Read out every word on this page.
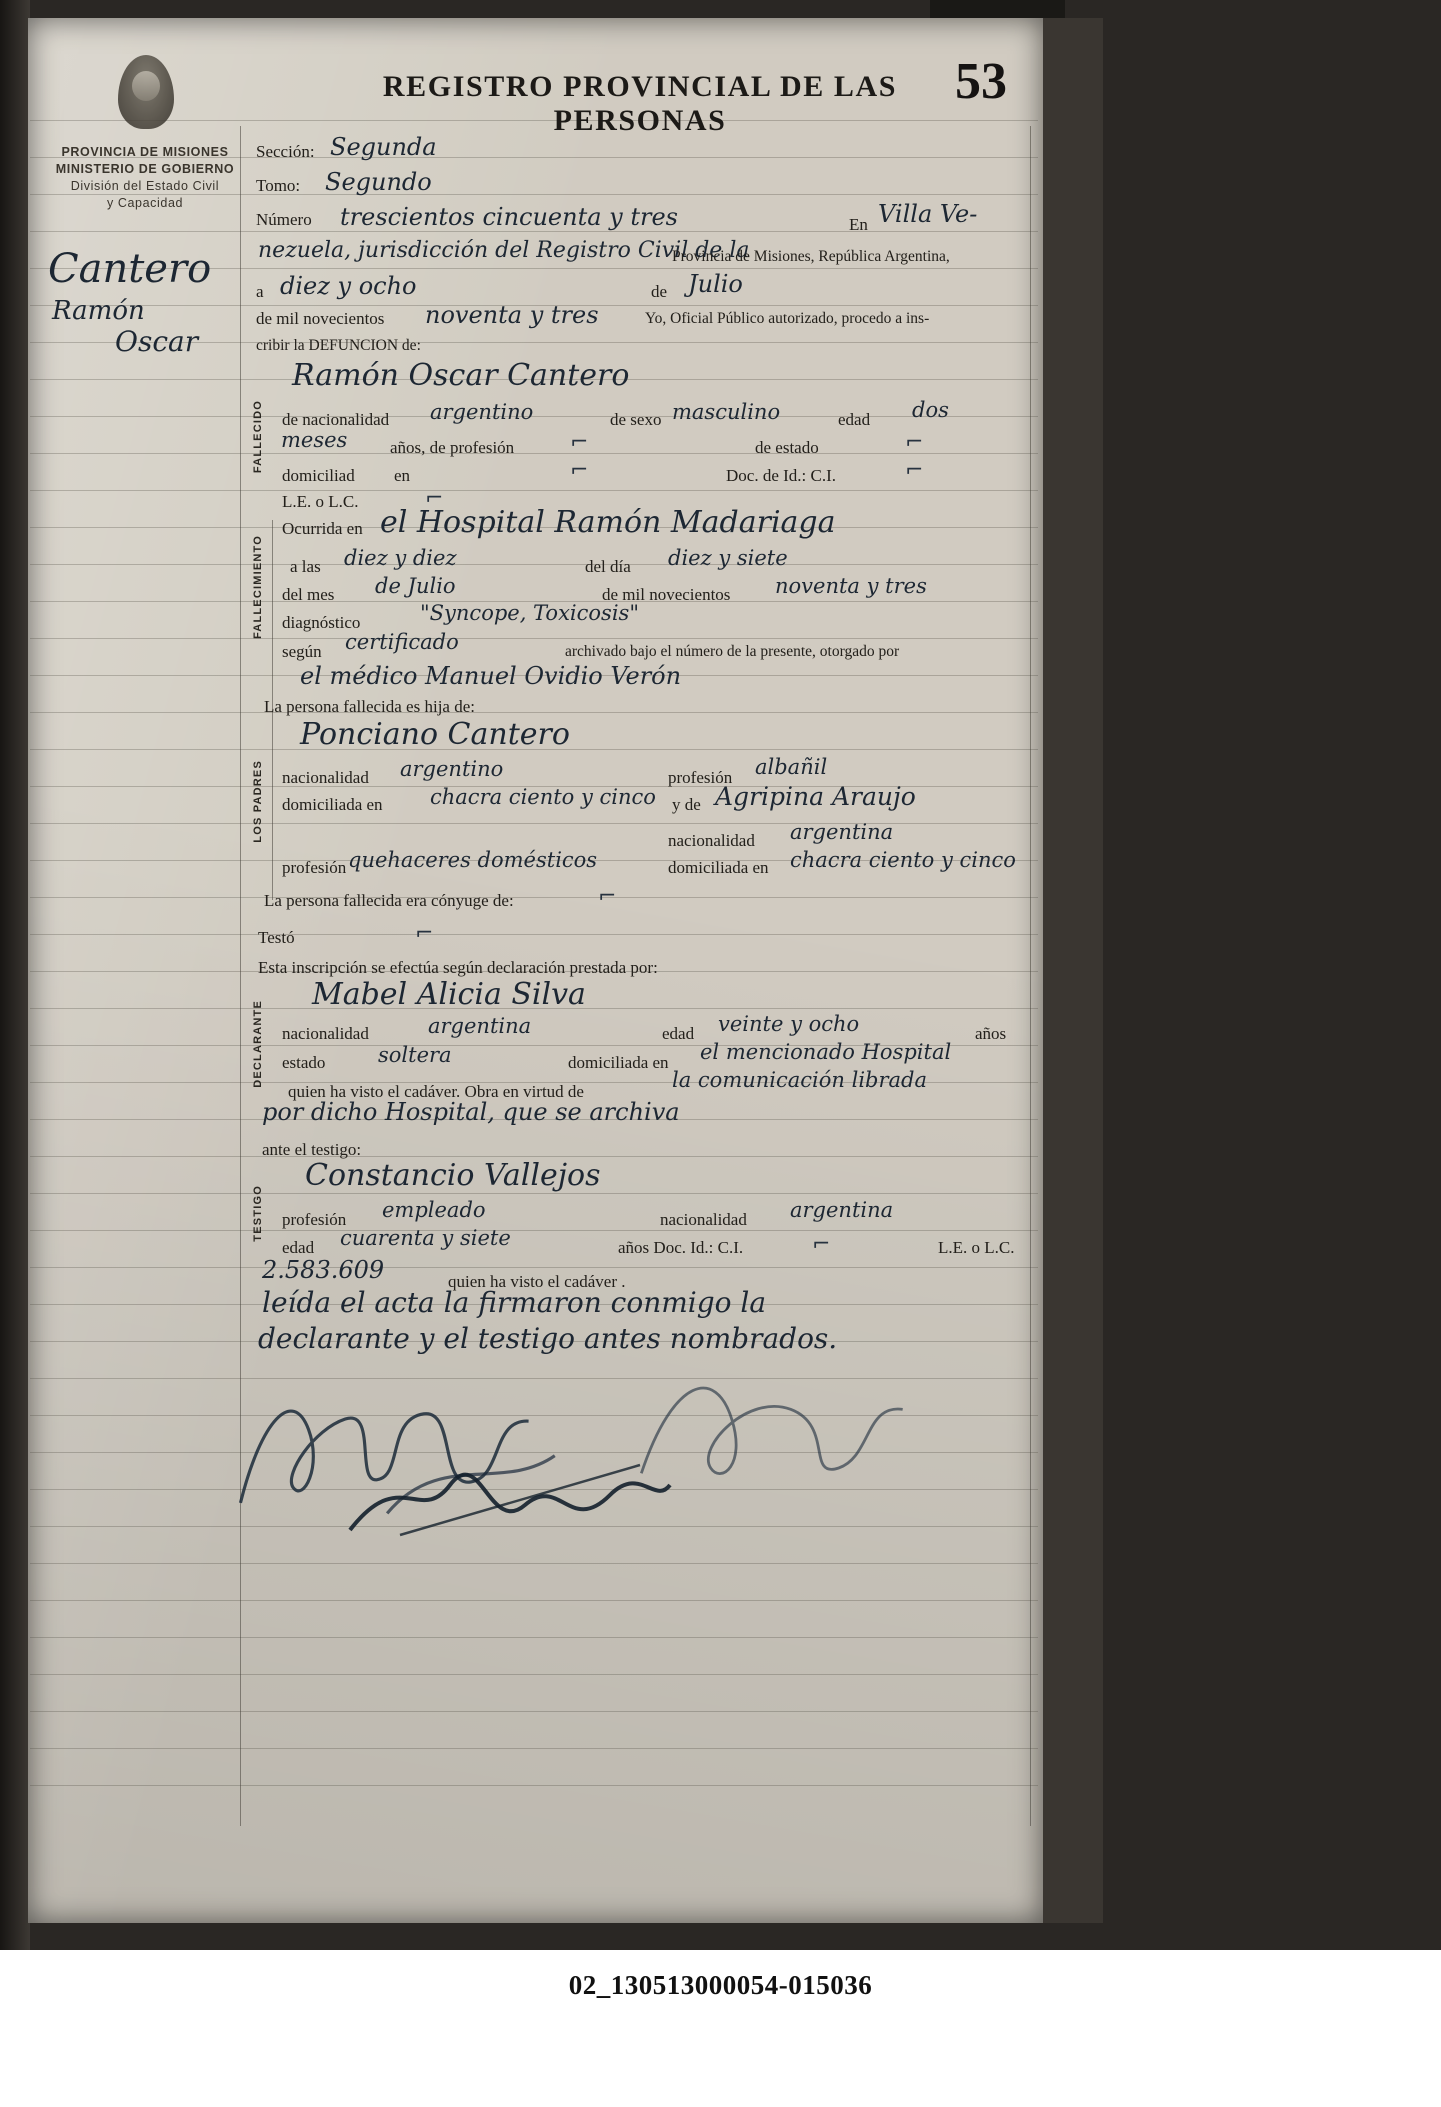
REGISTRO PROVINCIAL DE LAS PERSONAS
53
PROVINCIA DE MISIONES
MINISTERIO DE GOBIERNO
División del Estado Civil
y Capacidad
Cantero
Ramón
Oscar
FALLECIDO
FALLECIMIENTO
LOS PADRES
DECLARANTE
TESTIGO
Sección: Segunda
Tomo: Segundo
Número trescientos cincuenta y tres	En Villa Ve-
nezuela, jurisdicción del Registro Civil de la
Provincia de Misiones, República Argentina,
a diez y ocho	de Julio
de mil novecientos noventa y tres	Yo, Oficial Público autorizado, procedo a ins-
cribir la DEFUNCION de:
Ramón Oscar Cantero
de nacionalidad argentino	de sexo masculino	edad dos
meses	años, de profesión	⌐	de estado	⌐
domiciliad en	⌐	Doc. de Id.: C.I.	⌐
L.E. o L.C.	⌐
Ocurrida en el Hospital Ramón Madariaga
a las diez y diez	del día diez y siete
del mes de Julio	de mil novecientos noventa y tres
diagnóstico	"Syncope, Toxicosis"
según certificado	archivado bajo el número de la presente, otorgado por
el médico Manuel Ovidio Verón
La persona fallecida es hija de:
Ponciano Cantero
nacionalidad argentino	profesión albañil
domiciliada en chacra ciento y cinco y de Agripina Araujo
nacionalidad argentina
profesión quehaceres domésticos	domiciliada en chacra ciento y cinco
La persona fallecida era cónyuge de:	⌐
Testó	⌐
Esta inscripción se efectúa según declaración prestada por:
Mabel Alicia Silva
nacionalidad	argentina	edad veinte y ocho	años
estado	soltera	domiciliada en el mencionado Hospital
quien ha visto el cadáver. Obra en virtud de	la comunicación librada
por dicho Hospital, que se archiva
ante el testigo:
Constancio Vallejos
profesión empleado	nacionalidad argentina
edad cuarenta y siete	años Doc. Id.: C.I.	⌐	L.E. o L.C.
2.583.609	quien ha visto el cadáver .
leída el acta la firmaron conmigo la
declarante y el testigo antes nombrados.
02_130513000054-015036
